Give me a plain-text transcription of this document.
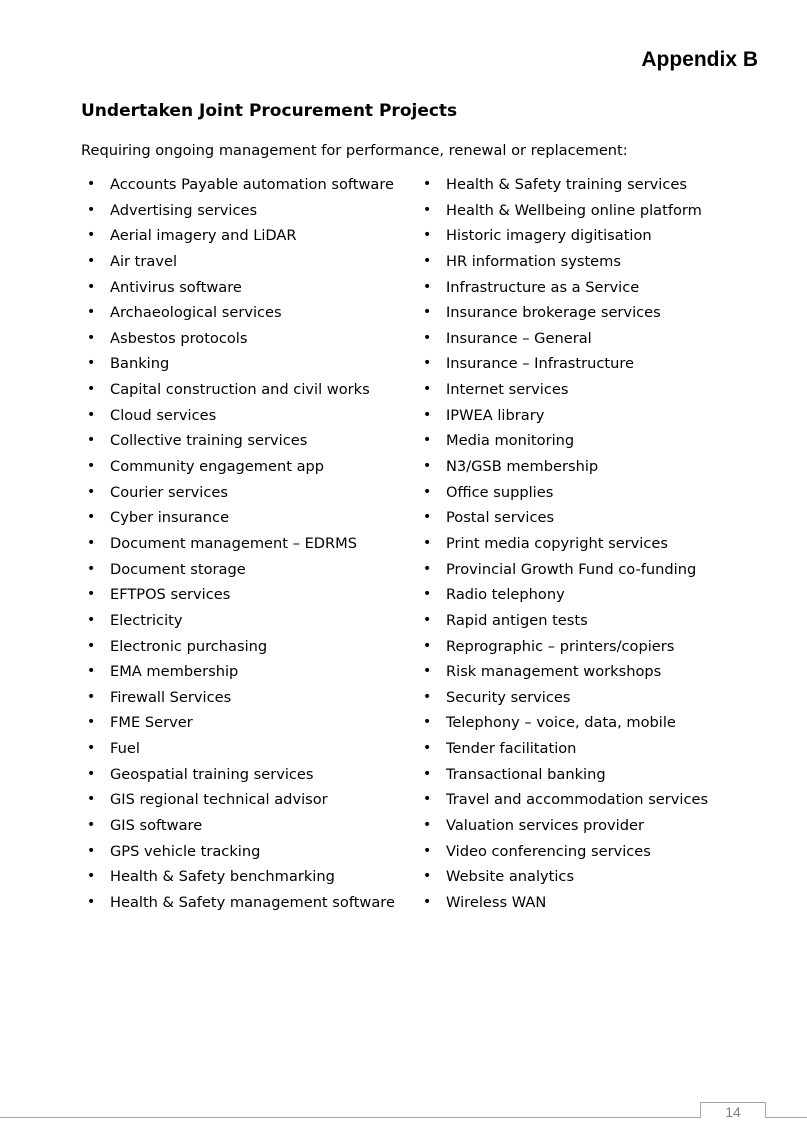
Appendix B
Undertaken Joint Procurement Projects

Requiring ongoing management for performance, renewal or replacement:

• Accounts Payable automation software
• Advertising services
• Aerial imagery and LiDAR
• Air travel
• Antivirus software
• Archaeological services
• Asbestos protocols
• Banking
• Capital construction and civil works
• Cloud services
• Collective training services
• Community engagement app
• Courier services
• Cyber insurance
• Document management – EDRMS
• Document storage
• EFTPOS services
• Electricity
• Electronic purchasing
• EMA membership
• Firewall Services
• FME Server
• Fuel
• Geospatial training services
• GIS regional technical advisor
• GIS software
• GPS vehicle tracking
• Health & Safety benchmarking
• Health & Safety management software
• Health & Safety training services
• Health & Wellbeing online platform
• Historic imagery digitisation
• HR information systems
• Infrastructure as a Service
• Insurance brokerage services
• Insurance – General
• Insurance – Infrastructure
• Internet services
• IPWEA library
• Media monitoring
• N3/GSB membership
• Office supplies
• Postal services
• Print media copyright services
• Provincial Growth Fund co-funding
• Radio telephony
• Rapid antigen tests
• Reprographic – printers/copiers
• Risk management workshops
• Security services
• Telephony – voice, data, mobile
• Tender facilitation
• Transactional banking
• Travel and accommodation services
• Valuation services provider
• Video conferencing services
• Website analytics
• Wireless WAN
14
